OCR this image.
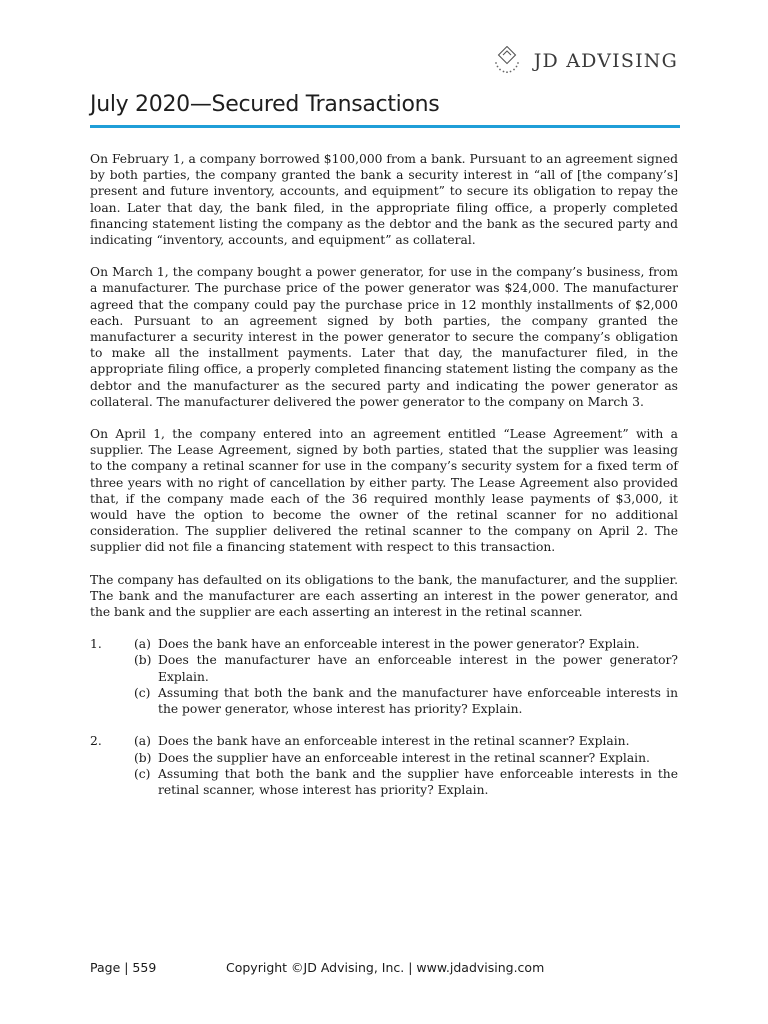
JD ADVISING
July 2020—Secured Transactions

On February 1, a company borrowed $100,000 from a bank. Pursuant to an agreement signed by both parties, the company granted the bank a security interest in “all of [the company’s] present and future inventory, accounts, and equipment” to secure its obligation to repay the loan. Later that day, the bank filed, in the appropriate filing office, a properly completed financing statement listing the company as the debtor and the bank as the secured party and indicating “inventory, accounts, and equipment” as collateral.

On March 1, the company bought a power generator, for use in the company’s business, from a manufacturer. The purchase price of the power generator was $24,000. The manufacturer agreed that the company could pay the purchase price in 12 monthly installments of $2,000 each. Pursuant to an agreement signed by both parties, the company granted the manufacturer a security interest in the power generator to secure the company’s obligation to make all the installment payments. Later that day, the manufacturer filed, in the appropriate filing office, a properly completed financing statement listing the company as the debtor and the manufacturer as the secured party and indicating the power generator as collateral. The manufacturer delivered the power generator to the company on March 3.

On April 1, the company entered into an agreement entitled “Lease Agreement” with a supplier. The Lease Agreement, signed by both parties, stated that the supplier was leasing to the company a retinal scanner for use in the company’s security system for a fixed term of three years with no right of cancellation by either party. The Lease Agreement also provided that, if the company made each of the 36 required monthly lease payments of $3,000, it would have the option to become the owner of the retinal scanner for no additional consideration. The supplier delivered the retinal scanner to the company on April 2. The supplier did not file a financing statement with respect to this transaction.

The company has defaulted on its obligations to the bank, the manufacturer, and the supplier. The bank and the manufacturer are each asserting an interest in the power generator, and the bank and the supplier are each asserting an interest in the retinal scanner.

1.	(a) Does the bank have an enforceable interest in the power generator? Explain.
(b) Does the manufacturer have an enforceable interest in the power generator? Explain.
(c) Assuming that both the bank and the manufacturer have enforceable interests in the power generator, whose interest has priority? Explain.
2.	(a) Does the bank have an enforceable interest in the retinal scanner? Explain.
(b) Does the supplier have an enforceable interest in the retinal scanner? Explain.
(c) Assuming that both the bank and the supplier have enforceable interests in the retinal scanner, whose interest has priority? Explain.
Page | 559	Copyright ©JD Advising, Inc. | www.jdadvising.com
